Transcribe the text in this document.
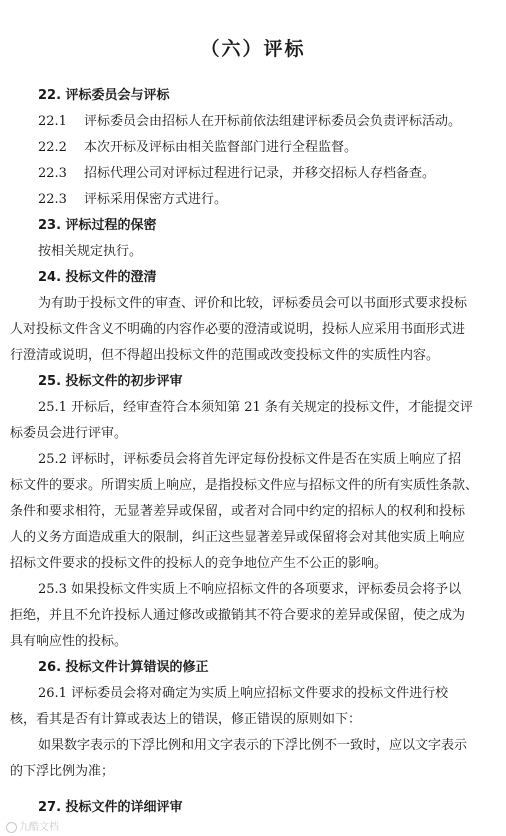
（六）评标
22. 评标委员会与评标
22.1 评标委员会由招标人在开标前依法组建评标委员会负责评标活动。
22.2 本次开标及评标由相关监督部门进行全程监督。
22.3 招标代理公司对评标过程进行记录，并移交招标人存档备查。
22.3 评标采用保密方式进行。
23. 评标过程的保密
按相关规定执行。
24. 投标文件的澄清
为有助于投标文件的审查、评价和比较，评标委员会可以书面形式要求投标
人对投标文件含义不明确的内容作必要的澄清或说明，投标人应采用书面形式进
行澄清或说明，但不得超出投标文件的范围或改变投标文件的实质性内容。
25. 投标文件的初步评审
25.1 开标后，经审查符合本须知第 21 条有关规定的投标文件，才能提交评
标委员会进行评审。
25.2 评标时，评标委员会将首先评定每份投标文件是否在实质上响应了招
标文件的要求。所谓实质上响应，是指投标文件应与招标文件的所有实质性条款、
条件和要求相符，无显著差异或保留，或者对合同中约定的招标人的权利和投标
人的义务方面造成重大的限制，纠正这些显著差异或保留将会对其他实质上响应
招标文件要求的投标文件的投标人的竞争地位产生不公正的影响。
25.3 如果投标文件实质上不响应招标文件的各项要求，评标委员会将予以
拒绝，并且不允许投标人通过修改或撤销其不符合要求的差异或保留，使之成为
具有响应性的投标。
26. 投标文件计算错误的修正
26.1 评标委员会将对确定为实质上响应招标文件要求的投标文件进行校
核，看其是否有计算或表达上的错误，修正错误的原则如下：
如果数字表示的下浮比例和用文字表示的下浮比例不一致时，应以文字表示
的下浮比例为准；
27. 投标文件的详细评审
九酷文档
